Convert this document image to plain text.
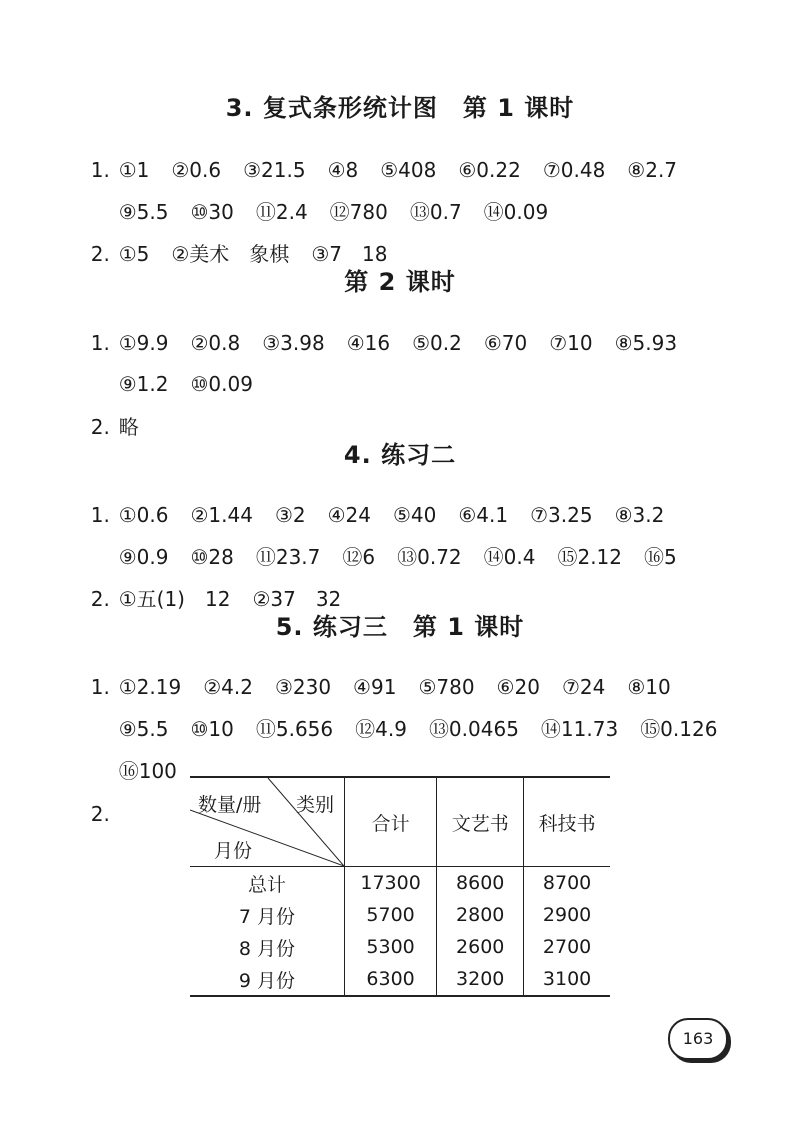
3. 复式条形统计图　第 1 课时

1. ①1 ②0.6 ③21.5 ④8 ⑤408 ⑥0.22 ⑦0.48 ⑧2.7

⑨5.5 ⑩30 ⑪2.4 ⑫780 ⑬0.7 ⑭0.09

2. ①5 ②美术　象棋 ③7　18

第 2 课时

1. ①9.9 ②0.8 ③3.98 ④16 ⑤0.2 ⑥70 ⑦10 ⑧5.93

⑨1.2 ⑩0.09

2. 略

4. 练习二

1. ①0.6 ②1.44 ③2 ④24 ⑤40 ⑥4.1 ⑦3.25 ⑧3.2

⑨0.9 ⑩28 ⑪23.7 ⑫6 ⑬0.72 ⑭0.4 ⑮2.12 ⑯5

2. ①五(1)　12 ②37　32

5. 练习三　第 1 课时

1. ①2.19 ②4.2 ③230 ④91 ⑤780 ⑥20 ⑦24 ⑧10

⑨5.5 ⑩10 ⑪5.656 ⑫4.9 ⑬0.0465 ⑭11.73 ⑮0.126

⑯100

2.	数量/册 类别
月份	合计	文艺书	科技书
总计	17300	8600	8700
7 月份	5700	2800	2900
8 月份	5300	2600	2700
9 月份	6300	3200	3100
163
